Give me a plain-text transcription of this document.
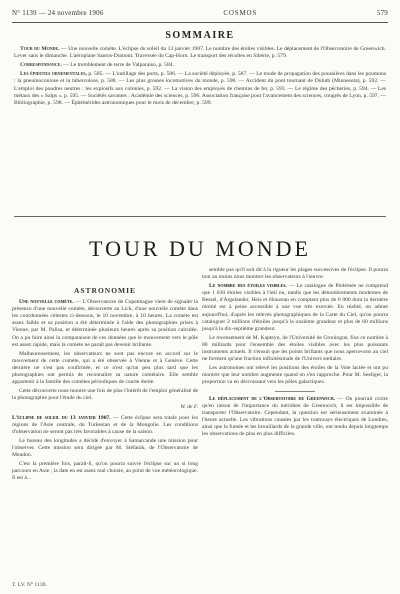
N° 1139 — 24 novembre 1906	COSMOS	579
SOMMAIRE

Tour du Monde. — Une nouvelle comète. L'éclipse du soleil du 13 janvier 1907. Le nombre des étoiles visibles. Le déplacement de l'Observatoire de Greenwich. Lever sans le dimanche. L'aéroplane Santos-Dumont. Traversée du Cap-Horn. Le transport des récoltes en Sibérie, p. 579.

Correspondance. — Le tremblement de terre de Valparaiso, p. 584.

Les épidotes ornementales, p. 585. — L'outillage des ports, p. 586. — La société déployée, p. 587. — Le mode de propagation des poussières dans les poumons : la pneumoconiose et la tuberculose, p. 588. — Les plus grosses locomotives du monde, p. 590. — Accident du pont tournant de Duluth (Minnesota), p. 592. — L'emploi des poudres neutres : les explosifs aux colonies, p. 592. — La vision des employés de chemins de fer, p. 593. — Le régime des pêcheries, p. 594. — Les métaux des « Salps », p. 595. — Sociétés savantes : Académie des sciences, p. 596. Association française pour l'avancement des sciences, congrès de Lyon, p. 597. — Bibliographie, p. 598. — Éphémérides astronomiques pour le mois de décembre, p. 599.

TOUR DU MONDE

ASTRONOMIE

Une nouvelle comète. — L'Observatoire de Copenhague vient de signaler la présence d'une nouvelle comète, découverte au Lick, d'une nouvelle comète dans les coordonnées célestes ci-dessous, le 10 novembre, à 10 heures. La comète est assez faible et sa position a été déterminée à l'aide des photographies prises à Vienne, par M. Palisa, et déterminée plusieurs heures après sa position calculée. On a pu faire ainsi la comparaison de ces données que le mouvement vers le pôle est assez rapide, mais la comète ne paraît pas devenir brillante.

Malheureusement, les observateurs ne sont pas encore en accord sur le mouvement de cette comète, qui a été observée à Vienne et à Genève. Cette dernière ne s'est pas confirmée, et ce n'est qu'un peu plus tard que les photographies ont permis de reconnaître sa nature cométaire. Elle semble appartenir à la famille des comètes périodiques de courte durée.

Cette découverte nous montre une fois de plus l'intérêt de l'emploi généralisé de la photographie pour l'étude du ciel.

W. de F.

L'éclipse de soleil du 13 janvier 1907. — Cette éclipse sera totale pour les régions de l'Asie centrale, du Turkestan et de la Mongolie. Les conditions d'observation ne seront pas très favorables à cause de la saison.

Le bureau des longitudes a décidé d'envoyer à Samarcande une mission pour l'observer. Cette mission sera dirigée par M. Stéfanik, de l'Observatoire de Meudon.

C'est la première fois, paraît-il, qu'on pourra suivre l'éclipse sur un si long parcours en Asie ; la date en est assez mal choisie, au point de vue météorologique. Il est à...

semble pas qu'il soit dit à la rigueur les plages successives de l'éclipse. Il pourra tout au moins nous montrer les observateurs à l'œuvre.

Le nombre des étoiles visibles. — Le catalogue de Ptolémée ne comprend que 1 030 étoiles visibles à l'œil nu, tandis que les dénombrements modernes de Bessel, d'Argelander, Heis et Houzeau en comptent plus de 6 000 dont la dernière moitié est à peine accessible à une vue très exercée. En réalité, on admet aujourd'hui, d'après les relevés photographiques de la Carte du Ciel, qu'on pourra cataloguer 2 millions d'étoiles jusqu'à la onzième grandeur et plus de 60 millions jusqu'à la dix-septième grandeur.

Le recensement de M. Kapteyn, de l'Université de Groningue, fixe ce nombre à 80 milliards pour l'ensemble des étoiles visibles avec les plus puissants instruments actuels. Il s'ensuit que les points brillants que nous apercevons au ciel ne forment qu'une fraction infinitésimale de l'Univers stellaire.

Les astronomes ont relevé les positions des étoiles de la Voie lactée et ont pu montrer que leur nombre augmente quand on s'en rapproche. Pour M. Seeliger, la proportion va en décroissant vers les pôles galactiques.

Le déplacement de l'Observatoire de Greenwich. — On pourrait croire qu'en raison de l'importance du méridien de Greenwich, il est impossible de transporter l'Observatoire. Cependant, la question est sérieusement examinée à l'heure actuelle. Les vibrations causées par les tramways électriques de Londres, ainsi que la fumée et les brouillards de la grande ville, ont rendu depuis longtemps les observations de plus en plus difficiles.

T. LV. N° 1139.
